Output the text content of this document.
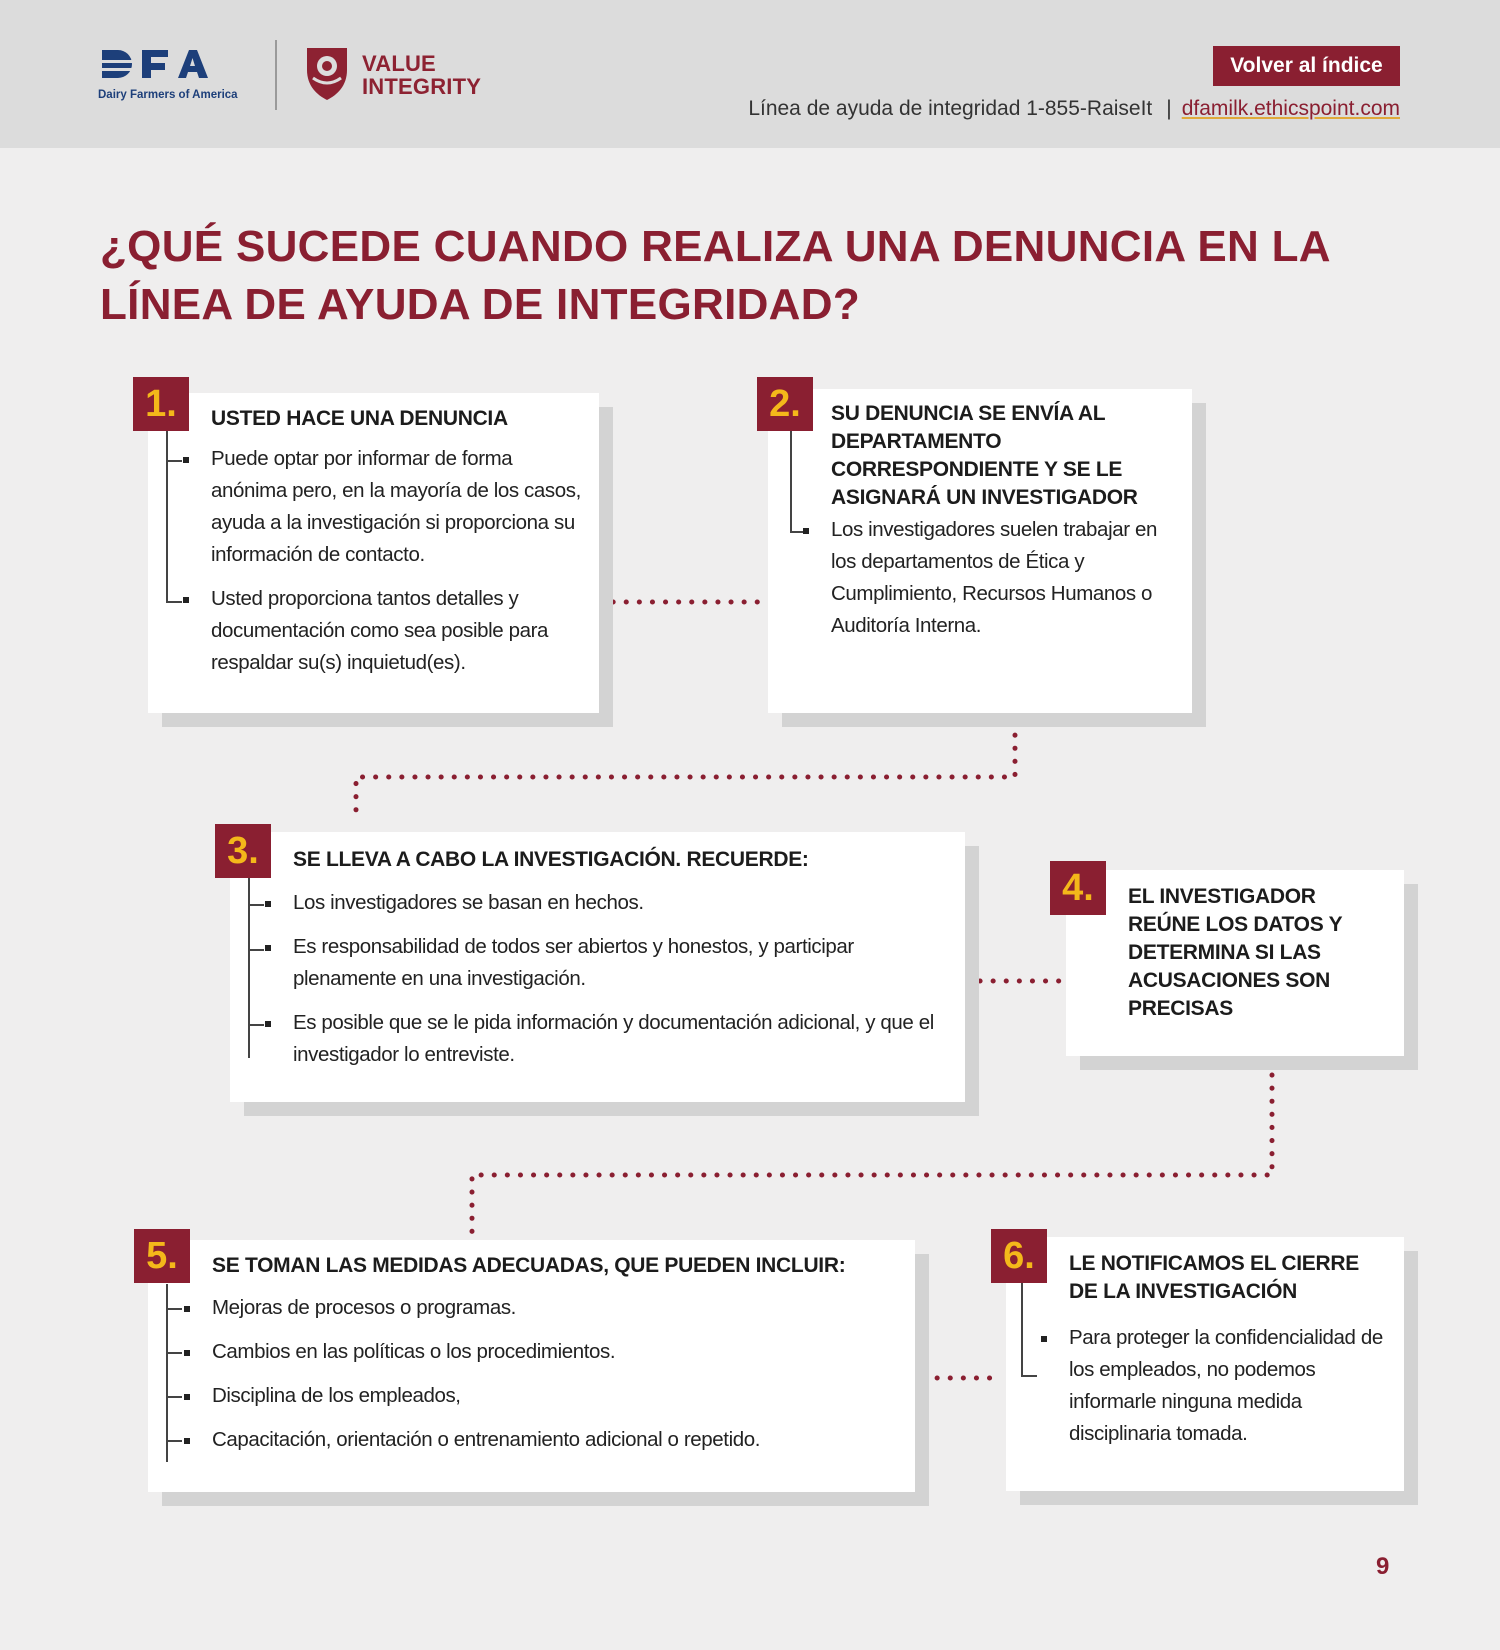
Dairy Farmers of America
VALUE
INTEGRITY
Volver al índice
Línea de ayuda de integridad 1-855-RaiseIt | dfamilk.ethicspoint.com
¿QUÉ SUCEDE CUANDO REALIZA UNA DENUNCIA EN LA LÍNEA DE AYUDA DE INTEGRIDAD?
1.	USTED HACE UNA DENUNCIA
Puede optar por informar de forma anónima pero, en la mayoría de los casos, ayuda a la investigación si proporciona su información de contacto.
Usted proporciona tantos detalles y documentación como sea posible para respaldar su(s) inquietud(es).
2.	SU DENUNCIA SE ENVÍA AL DEPARTAMENTO CORRESPONDIENTE Y SE LE ASIGNARÁ UN INVESTIGADOR
Los investigadores suelen trabajar en los departamentos de Ética y Cumplimiento, Recursos Humanos o Auditoría Interna.
3.	SE LLEVA A CABO LA INVESTIGACIÓN. RECUERDE:
Los investigadores se basan en hechos.
Es responsabilidad de todos ser abiertos y honestos, y participar plenamente en una investigación.
Es posible que se le pida información y documentación adicional, y que el investigador lo entreviste.
4.	EL INVESTIGADOR REÚNE LOS DATOS Y DETERMINA SI LAS ACUSACIONES SON PRECISAS
5.	SE TOMAN LAS MEDIDAS ADECUADAS, QUE PUEDEN INCLUIR:
Mejoras de procesos o programas.
Cambios en las políticas o los procedimientos.
Disciplina de los empleados,
Capacitación, orientación o entrenamiento adicional o repetido.
6.	LE NOTIFICAMOS EL CIERRE DE LA INVESTIGACIÓN
Para proteger la confidencialidad de los empleados, no podemos informarle ninguna medida disciplinaria tomada.
9
